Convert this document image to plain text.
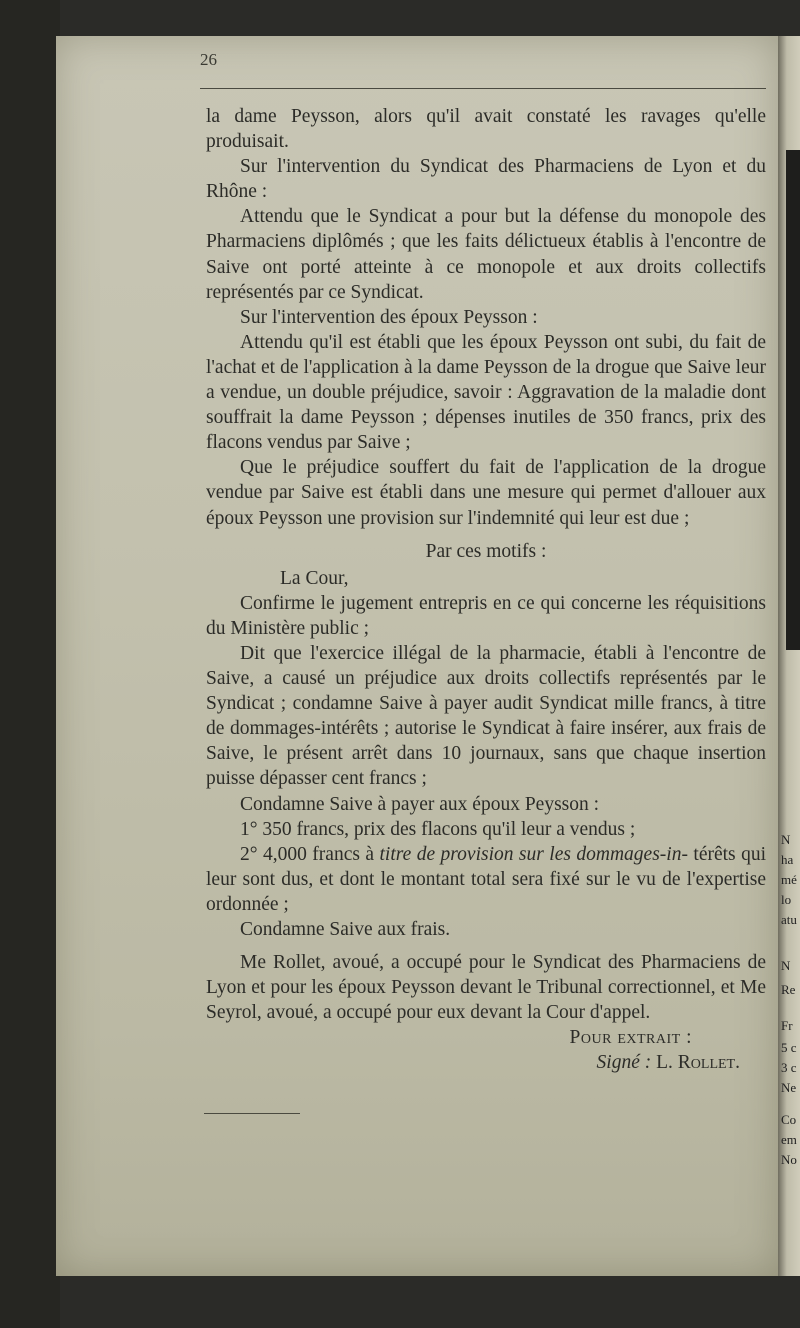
26

la dame Peysson, alors qu'il avait constaté les ravages qu'elle produisait.

Sur l'intervention du Syndicat des Pharmaciens de Lyon et du Rhône :

Attendu que le Syndicat a pour but la défense du monopole des Pharmaciens diplômés ; que les faits délictueux établis à l'encontre de Saive ont porté atteinte à ce monopole et aux droits collectifs représentés par ce Syndicat.

Sur l'intervention des époux Peysson :

Attendu qu'il est établi que les époux Peysson ont subi, du fait de l'achat et de l'application à la dame Peysson de la drogue que Saive leur a vendue, un double préjudice, savoir : Aggravation de la maladie dont souffrait la dame Peysson ; dépenses inutiles de 350 francs, prix des flacons vendus par Saive ;

Que le préjudice souffert du fait de l'application de la drogue vendue par Saive est établi dans une mesure qui permet d'allouer aux époux Peysson une provision sur l'indemnité qui leur est due ;

Par ces motifs :

La Cour,

Confirme le jugement entrepris en ce qui concerne les réquisitions du Ministère public ;

Dit que l'exercice illégal de la pharmacie, établi à l'encontre de Saive, a causé un préjudice aux droits collectifs représentés par le Syndicat ; condamne Saive à payer audit Syndicat mille francs, à titre de dommages-intérêts ; autorise le Syndicat à faire insérer, aux frais de Saive, le présent arrêt dans 10 journaux, sans que chaque insertion puisse dépasser cent francs ;

Condamne Saive à payer aux époux Peysson :

1° 350 francs, prix des flacons qu'il leur a vendus ;

2° 4,000 francs à titre de provision sur les dommages-in- térêts qui leur sont dus, et dont le montant total sera fixé sur le vu de l'expertise ordonnée ;

Condamne Saive aux frais.

Me Rollet, avoué, a occupé pour le Syndicat des Pharmaciens de Lyon et pour les époux Peysson devant le Tribunal correctionnel, et Me Seyrol, avoué, a occupé pour eux devant la Cour d'appel.

Pour extrait :

Signé : L. Rollet.

N
ha
mé
lo
atu
N
Re
Fr
5 c
3 c
Ne
Co
em
No
